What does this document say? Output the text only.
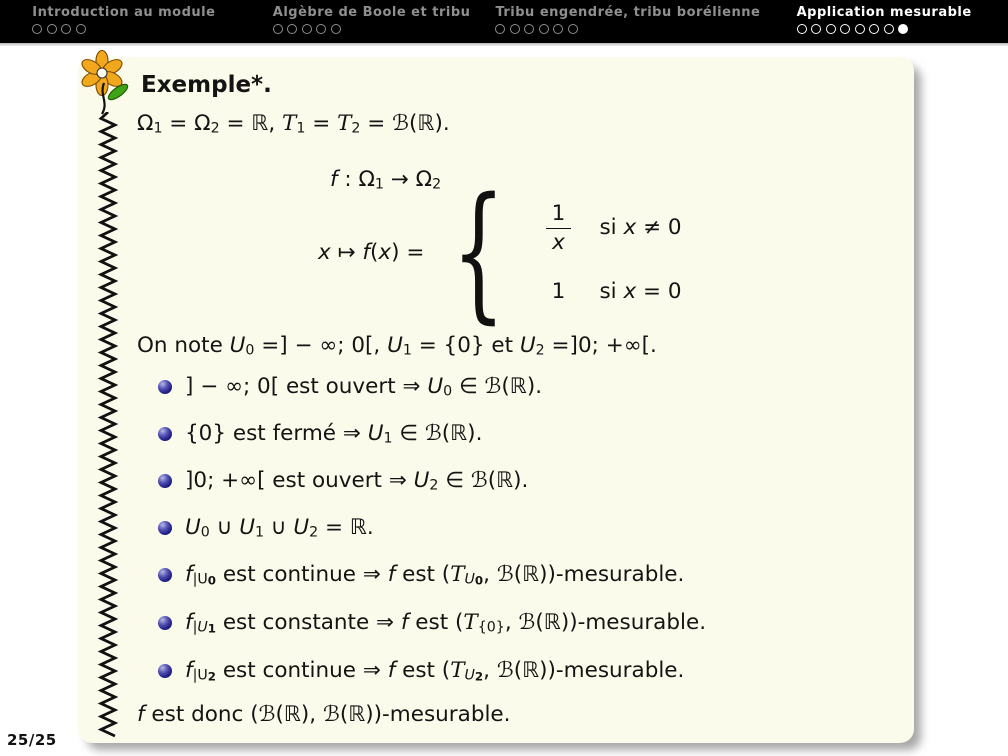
Introduction au module	Algèbre de Boole et tribu Tribu engendrée, tribu borélienne	Application mesurable
Exemple*.
Ω1 = Ω2 = ℝ, T1 = T2 = ℬ(ℝ).
f : Ω1 → Ω2
x ↦ f(x) = { $\frac{1}{x}$ si x ≠ 0
1 si x = 0
On note U0 =] − ∞; 0[, U1 = {0} et U2 =]0; +∞[.
] − ∞; 0[ est ouvert ⇒ U0 ∈ ℬ(ℝ).
{0} est fermé ⇒ U1 ∈ ℬ(ℝ).
]0; +∞[ est ouvert ⇒ U2 ∈ ℬ(ℝ).
U0 ∪ U1 ∪ U2 = ℝ.
f|U0 est continue ⇒ f est (TU0, ℬ(ℝ))-mesurable.
f|U1 est constante ⇒ f est (T{0}, ℬ(ℝ))-mesurable.
f|U2 est continue ⇒ f est (TU2, ℬ(ℝ))-mesurable.
f est donc (ℬ(ℝ), ℬ(ℝ))-mesurable.
25/25
